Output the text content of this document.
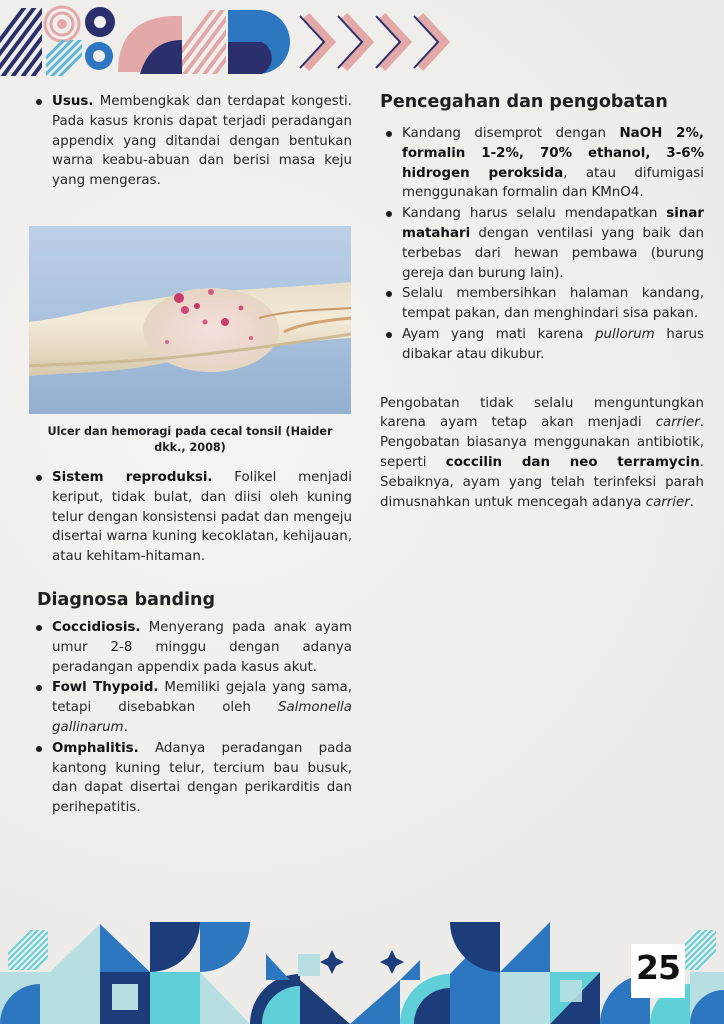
Usus. Membengkak dan terdapat kongesti. Pada kasus kronis dapat terjadi peradangan appendix yang ditandai dengan bentukan warna keabu-abuan dan berisi masa keju yang mengeras.
Ulcer dan hemoragi pada cecal tonsil (Haider dkk., 2008)
Sistem reproduksi. Folikel menjadi keriput, tidak bulat, dan diisi oleh kuning telur dengan konsistensi padat dan mengeju disertai warna kuning kecoklatan, kehijauan, atau kehitam-hitaman.
Diagnosa banding
Coccidiosis. Menyerang pada anak ayam umur 2-8 minggu dengan adanya peradangan appendix pada kasus akut.
Fowl Thypoid. Memiliki gejala yang sama, tetapi disebabkan oleh Salmonella gallinarum.
Omphalitis. Adanya peradangan pada kantong kuning telur, tercium bau busuk, dan dapat disertai dengan perikarditis dan perihepatitis.
Pencegahan dan pengobatan
Kandang disemprot dengan NaOH 2%, formalin 1-2%, 70% ethanol, 3-6% hidrogen peroksida, atau difumigasi menggunakan formalin dan KMnO4.
Kandang harus selalu mendapatkan sinar matahari dengan ventilasi yang baik dan terbebas dari hewan pembawa (burung gereja dan burung lain).
Selalu membersihkan halaman kandang, tempat pakan, dan menghindari sisa pakan.
Ayam yang mati karena pullorum harus dibakar atau dikubur.

Pengobatan tidak selalu menguntungkan karena ayam tetap akan menjadi carrier. Pengobatan biasanya menggunakan antibiotik, seperti coccilin dan neo terramycin. Sebaiknya, ayam yang telah terinfeksi parah dimusnahkan untuk mencegah adanya carrier.

25
